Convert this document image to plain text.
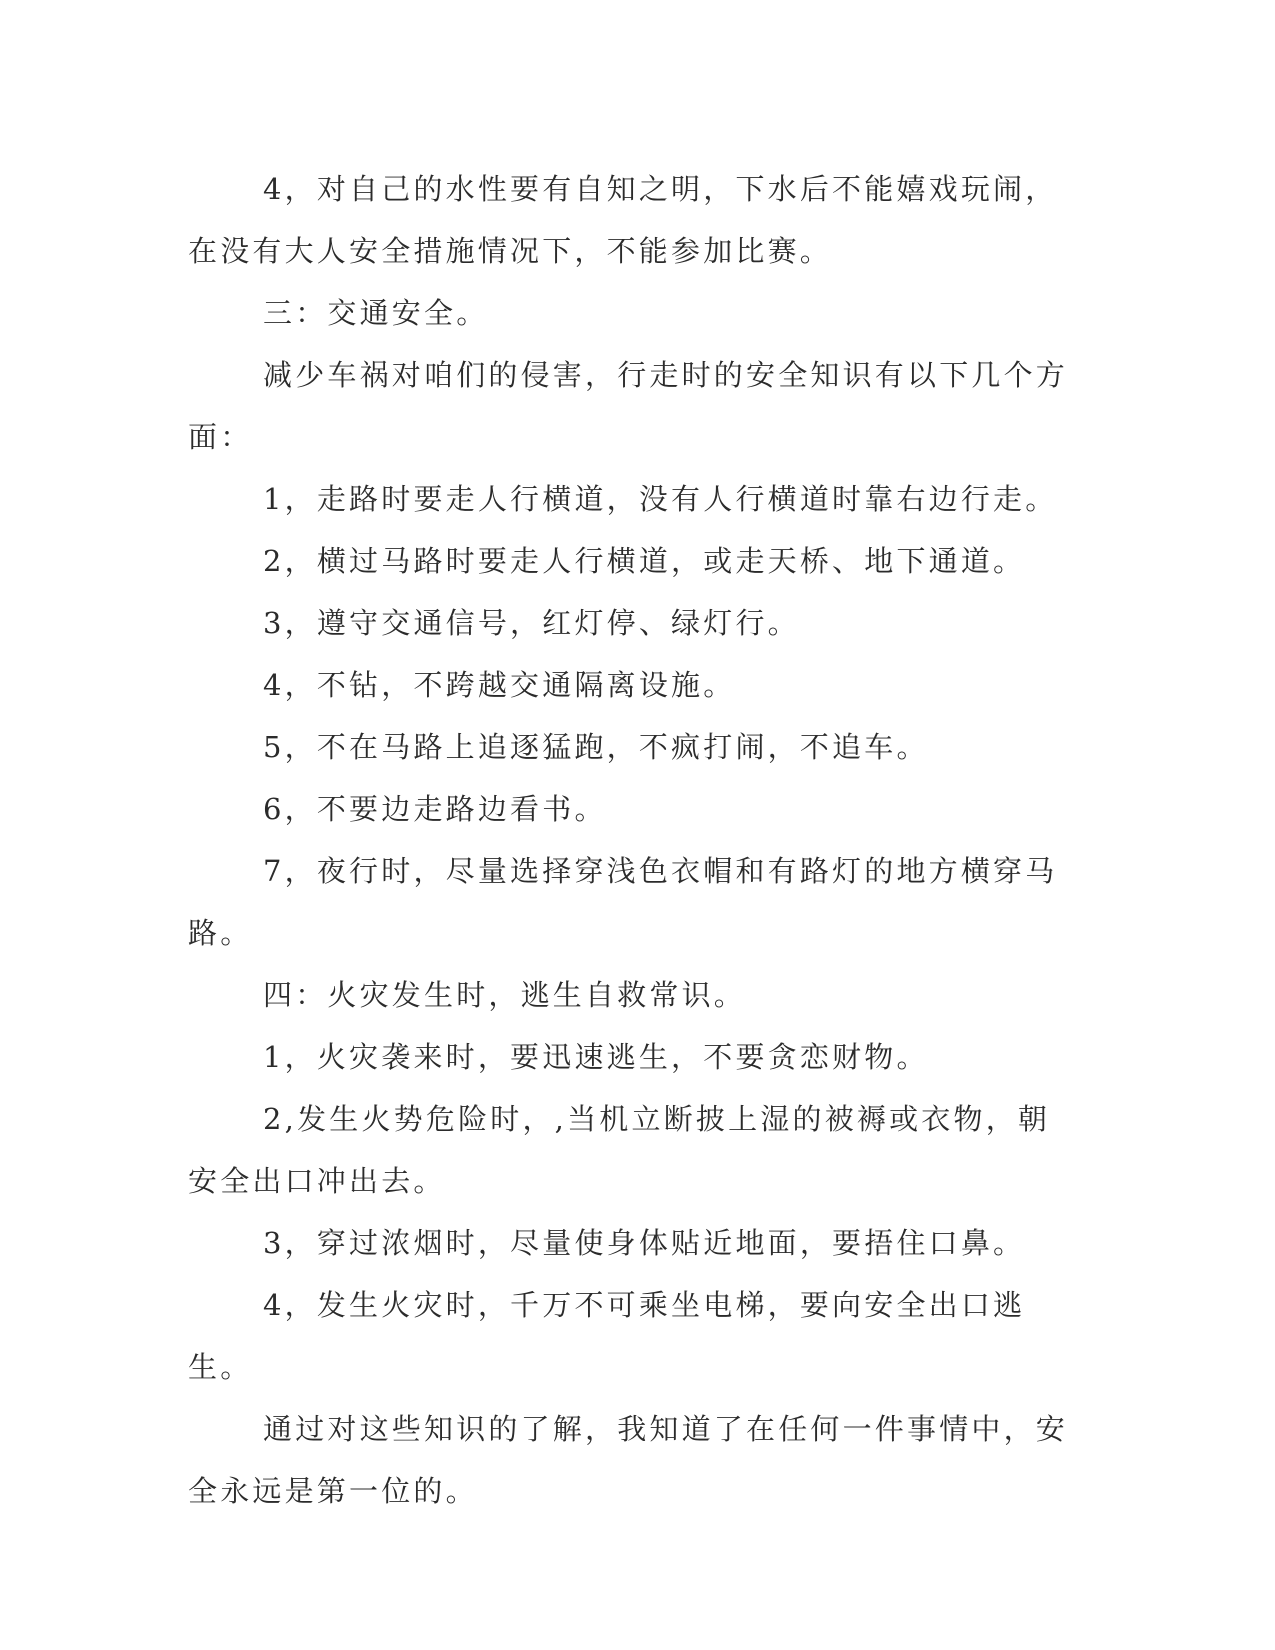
4，对自己的水性要有自知之明，下水后不能嬉戏玩闹，在没有大人安全措施情况下，不能参加比赛。

三：交通安全。

减少车祸对咱们的侵害，行走时的安全知识有以下几个方面：

1，走路时要走人行横道，没有人行横道时靠右边行走。

2，横过马路时要走人行横道，或走天桥、地下通道。

3，遵守交通信号，红灯停、绿灯行。

4，不钻，不跨越交通隔离设施。

5，不在马路上追逐猛跑，不疯打闹，不追车。

6，不要边走路边看书。

7，夜行时，尽量选择穿浅色衣帽和有路灯的地方横穿马路。

四：火灾发生时，逃生自救常识。

1，火灾袭来时，要迅速逃生，不要贪恋财物。

2,发生火势危险时，,当机立断披上湿的被褥或衣物，朝安全出口冲出去。

3，穿过浓烟时，尽量使身体贴近地面，要捂住口鼻。

4，发生火灾时，千万不可乘坐电梯，要向安全出口逃生。

通过对这些知识的了解，我知道了在任何一件事情中，安全永远是第一位的。
